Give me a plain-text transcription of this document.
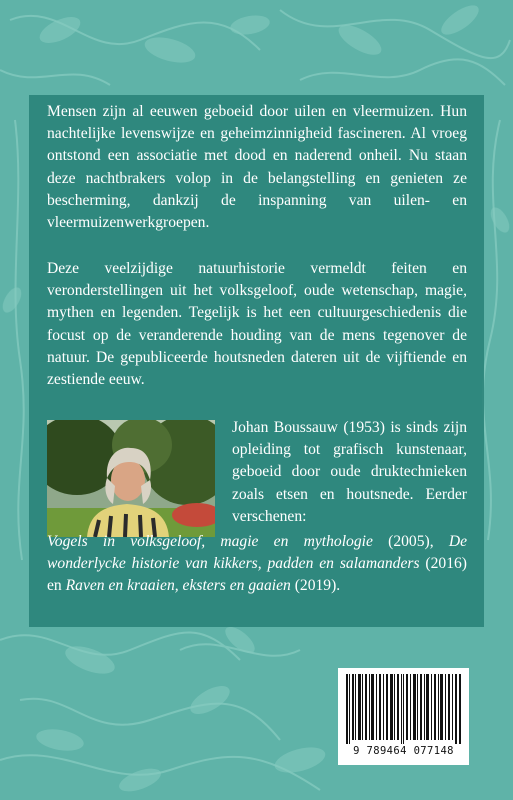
Mensen zijn al eeuwen geboeid door uilen en vleermuizen. Hun nachtelijke levenswijze en geheimzinnigheid fascineren. Al vroeg ontstond een associatie met dood en naderend onheil. Nu staan deze nachtbrakers volop in de belangstelling en genieten ze bescherming, dankzij de inspanning van uilen- en vleermuizenwerkgroepen.

Deze veelzijdige natuurhistorie vermeldt feiten en veronderstellingen uit het volksgeloof, oude wetenschap, magie, mythen en legenden. Tegelijk is het een cultuurgeschiedenis die focust op de veranderende houding van de mens tegenover de natuur. De gepubliceerde houtsneden dateren uit de vijftiende en zestiende eeuw.

Johan Boussauw (1953) is sinds zijn opleiding tot grafisch kunstenaar, geboeid door oude druktechnieken zoals etsen en houtsnede. Eerder verschenen:

Vogels in volksgeloof, magie en mythologie (2005), De wonderlycke historie van kikkers, padden en salamanders (2016) en Raven en kraaien, eksters en gaaien (2019).

9 789464 077148
